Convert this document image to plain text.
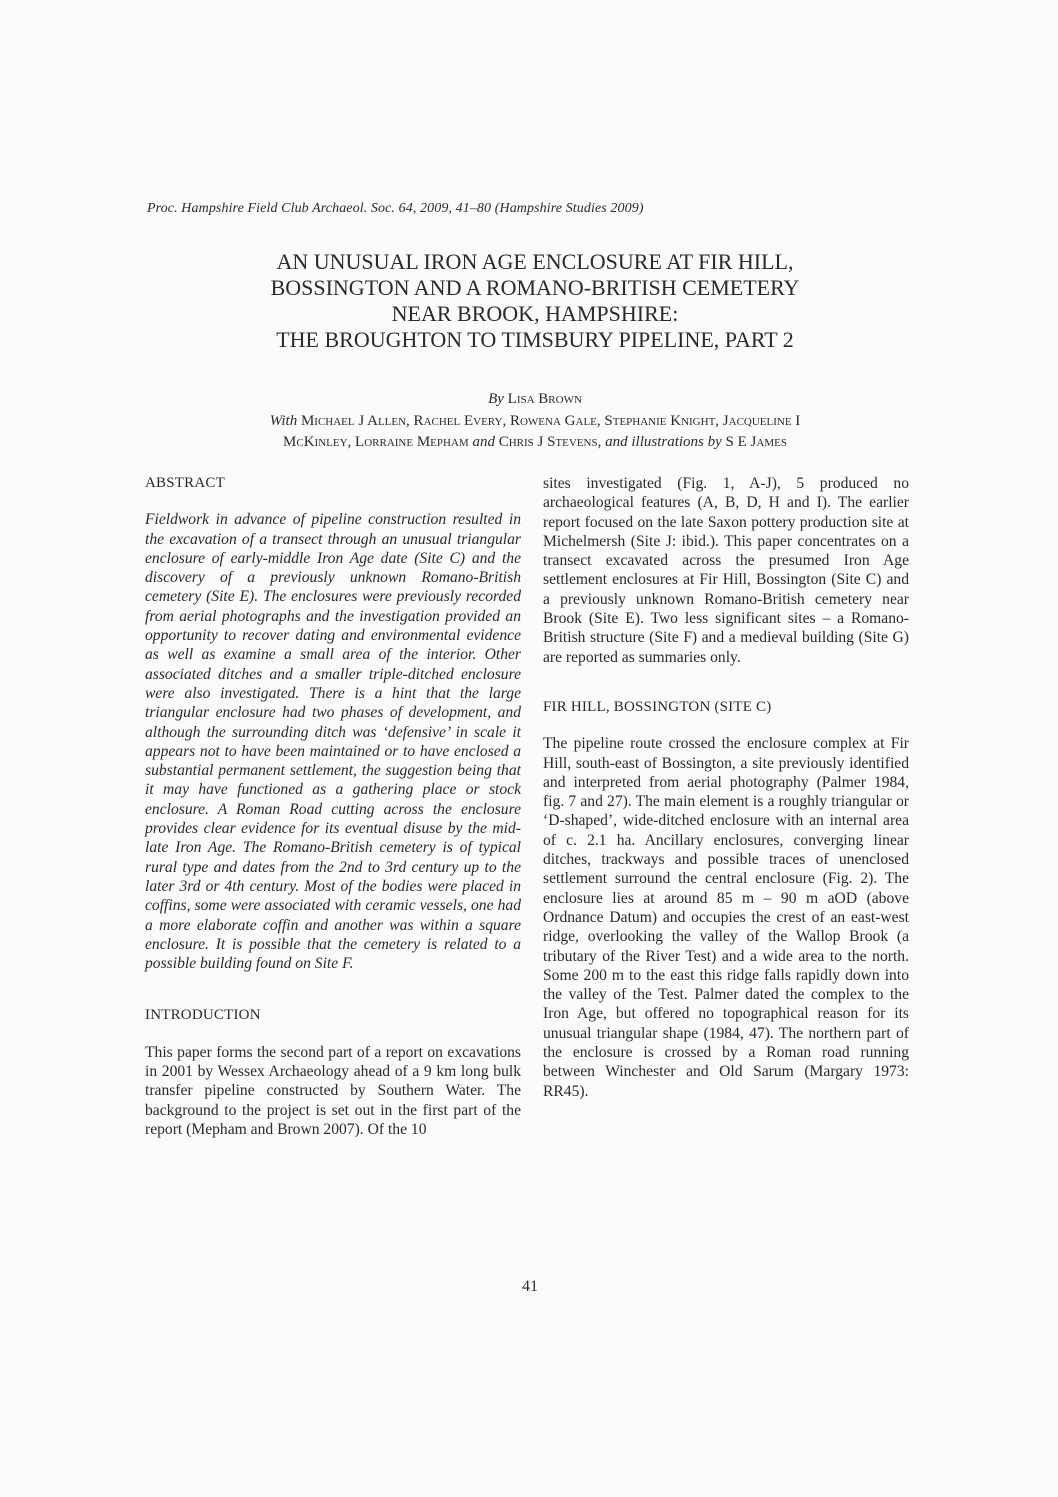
Proc. Hampshire Field Club Archaeol. Soc. 64, 2009, 41–80 (Hampshire Studies 2009)
AN UNUSUAL IRON AGE ENCLOSURE AT FIR HILL,
BOSSINGTON AND A ROMANO-BRITISH CEMETERY
NEAR BROOK, HAMPSHIRE:
THE BROUGHTON TO TIMSBURY PIPELINE, PART 2
By Lisa Brown
With Michael J Allen, Rachel Every, Rowena Gale, Stephanie Knight, Jacqueline I
McKinley, Lorraine Mepham and Chris J Stevens, and illustrations by S E James
ABSTRACT

Fieldwork in advance of pipeline construction resulted in the excavation of a transect through an unusual triangular enclosure of early-middle Iron Age date (Site C) and the discovery of a previously unknown Romano-British cemetery (Site E). The enclosures were previously recorded from aerial photographs and the investigation provided an opportunity to recover dating and environmental evidence as well as examine a small area of the interior. Other associated ditches and a smaller triple-ditched enclosure were also investigated. There is a hint that the large triangular enclosure had two phases of development, and although the surrounding ditch was ‘defensive’ in scale it appears not to have been maintained or to have enclosed a substantial permanent settlement, the suggestion being that it may have functioned as a gathering place or stock enclosure. A Roman Road cutting across the enclosure provides clear evidence for its eventual disuse by the mid-late Iron Age. The Romano-British cemetery is of typical rural type and dates from the 2nd to 3rd century up to the later 3rd or 4th century. Most of the bodies were placed in coffins, some were associated with ceramic vessels, one had a more elaborate coffin and another was within a square enclosure. It is possible that the cemetery is related to a possible building found on Site F.

INTRODUCTION

This paper forms the second part of a report on excavations in 2001 by Wessex Archaeology ahead of a 9 km long bulk transfer pipeline constructed by Southern Water. The background to the project is set out in the first part of the report (Mepham and Brown 2007). Of the 10

sites investigated (Fig. 1, A-J), 5 produced no archaeological features (A, B, D, H and I). The earlier report focused on the late Saxon pottery production site at Michelmersh (Site J: ibid.). This paper concentrates on a transect excavated across the presumed Iron Age settlement enclosures at Fir Hill, Bossington (Site C) and a previously unknown Romano-British cemetery near Brook (Site E). Two less significant sites – a Romano-British structure (Site F) and a medieval building (Site G) are reported as summaries only.

FIR HILL, BOSSINGTON (SITE C)

The pipeline route crossed the enclosure complex at Fir Hill, south-east of Bossington, a site previously identified and interpreted from aerial photography (Palmer 1984, fig. 7 and 27). The main element is a roughly triangular or ‘D-shaped’, wide-ditched enclosure with an internal area of c. 2.1 ha. Ancillary enclosures, converging linear ditches, trackways and possible traces of unenclosed settlement surround the central enclosure (Fig. 2). The enclosure lies at around 85 m – 90 m aOD (above Ordnance Datum) and occupies the crest of an east-west ridge, overlooking the valley of the Wallop Brook (a tributary of the River Test) and a wide area to the north. Some 200 m to the east this ridge falls rapidly down into the valley of the Test. Palmer dated the complex to the Iron Age, but offered no topographical reason for its unusual triangular shape (1984, 47). The northern part of the enclosure is crossed by a Roman road running between Winchester and Old Sarum (Margary 1973: RR45).

41
